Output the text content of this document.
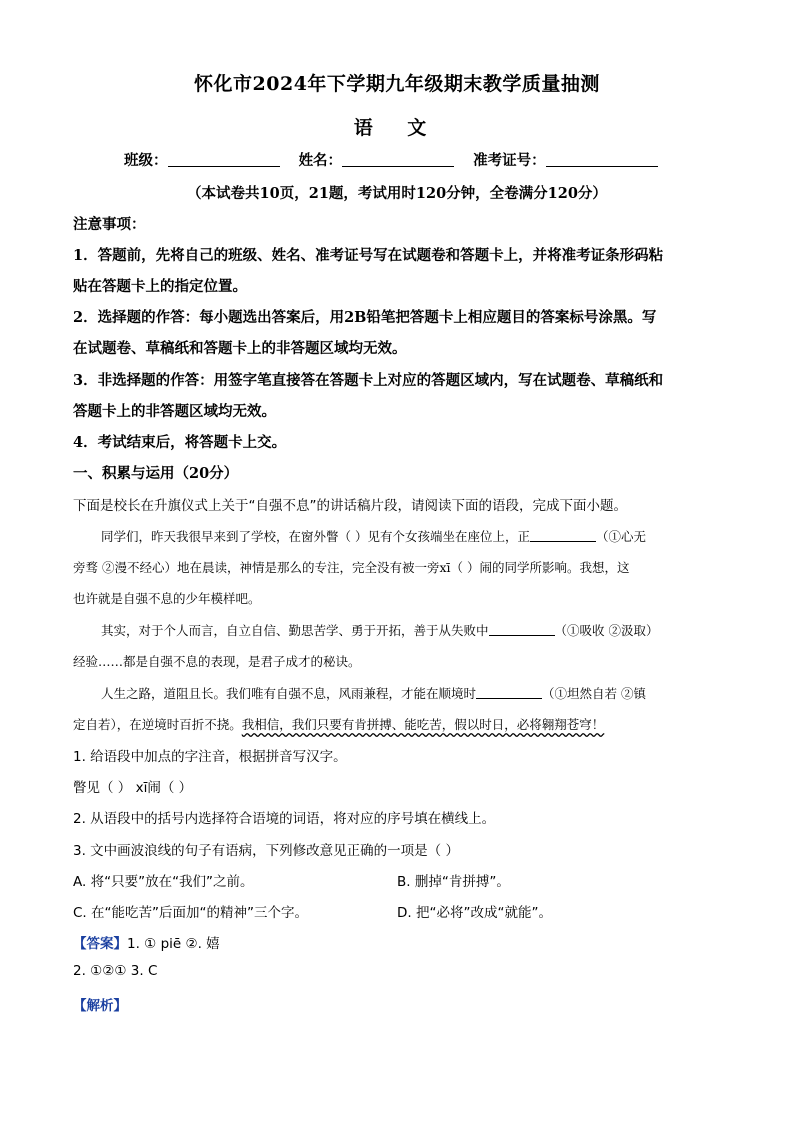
怀化市2024年下学期九年级期末教学质量抽测
语 文
班级：	姓名：	准考证号：
（本试卷共10页，21题，考试用时120分钟，全卷满分120分）
注意事项：
1．答题前，先将自己的班级、姓名、准考证号写在试题卷和答题卡上，并将准考证条形码粘
贴在答题卡上的指定位置。
2．选择题的作答：每小题选出答案后，用2B铅笔把答题卡上相应题目的答案标号涂黑。写
在试题卷、草稿纸和答题卡上的非答题区域均无效。
3．非选择题的作答：用签字笔直接答在答题卡上对应的答题区域内，写在试题卷、草稿纸和
答题卡上的非答题区域均无效。
4．考试结束后，将答题卡上交。
一、积累与运用（20分）
下面是校长在升旗仪式上关于“自强不息”的讲话稿片段，请阅读下面的语段，完成下面小题。
同学们，昨天我很早来到了学校，在窗外瞥（ ）见有个女孩端坐在座位上，正	（①心无
旁骛 ②漫不经心）地在晨读，神情是那么的专注，完全没有被一旁xī（ ）闹的同学所影响。我想，这
也许就是自强不息的少年模样吧。
其实，对于个人而言，自立自信、勤思苦学、勇于开拓，善于从失败中	（①吸收 ②汲取）
经验……都是自强不息的表现，是君子成才的秘诀。
人生之路，道阻且长。我们唯有自强不息，风雨兼程，才能在顺境时	（①坦然自若 ②镇
定自若），在逆境时百折不挠。我相信，我们只要有肯拼搏、能吃苦，假以时日，必将翱翔苍穹！
1. 给语段中加点的字注音，根据拼音写汉字。
瞥见（ ） xī闹（ ）
2. 从语段中的括号内选择符合语境的词语，将对应的序号填在横线上。
3. 文中画波浪线的句子有语病，下列修改意见正确的一项是（ ）
A. 将“只要”放在“我们”之前。	B. 删掉“肯拼搏”。
C. 在“能吃苦”后面加“的精神”三个字。	D. 把“必将”改成“就能”。
【答案】1. ① piē ②. 嬉
2. ①②① 3. C
【解析】
